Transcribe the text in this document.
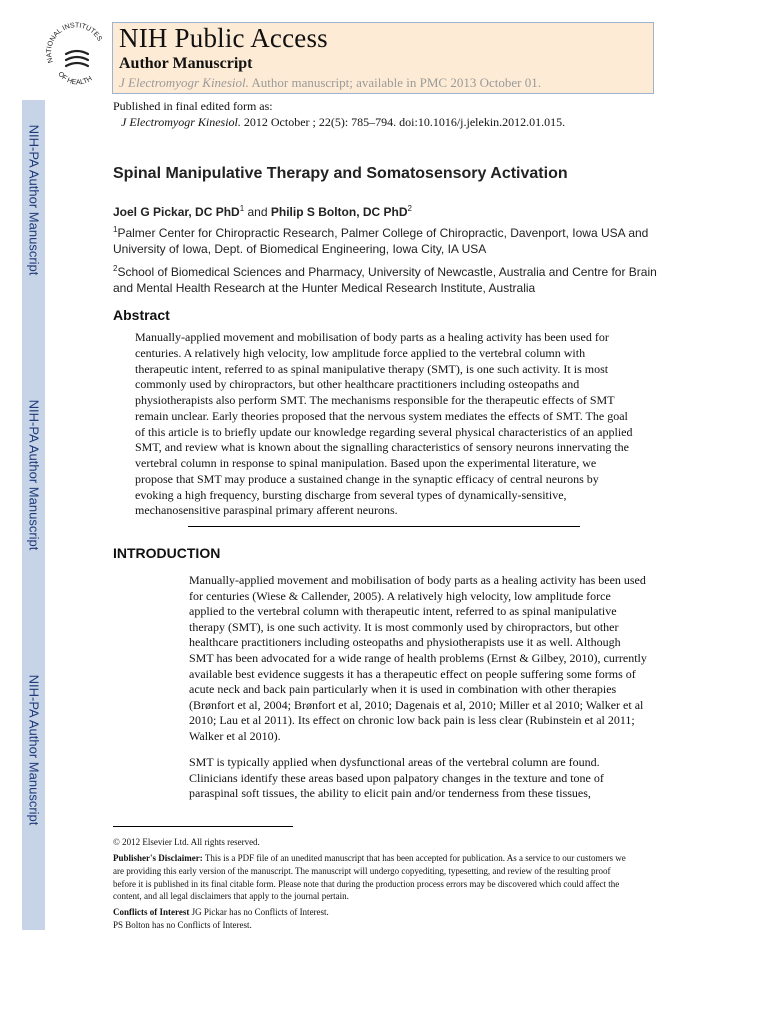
NIH-PA Author Manuscript
NIH-PA Author Manuscript
NIH-PA Author Manuscript
NATIONAL INSTITUTES
OF HEALTH
NIH Public Access
Author Manuscript
J Electromyogr Kinesiol. Author manuscript; available in PMC 2013 October 01.
Published in final edited form as:
J Electromyogr Kinesiol. 2012 October ; 22(5): 785–794. doi:10.1016/j.jelekin.2012.01.015.
Spinal Manipulative Therapy and Somatosensory Activation
Joel G Pickar, DC PhD$^1$ and Philip S Bolton, DC PhD$^2$
$^1$Palmer Center for Chiropractic Research, Palmer College of Chiropractic, Davenport, Iowa USA and University of Iowa, Dept. of Biomedical Engineering, Iowa City, IA USA
$^2$School of Biomedical Sciences and Pharmacy, University of Newcastle, Australia and Centre for Brain and Mental Health Research at the Hunter Medical Research Institute, Australia
Abstract
Manually-applied movement and mobilisation of body parts as a healing activity has been used for centuries. A relatively high velocity, low amplitude force applied to the vertebral column with therapeutic intent, referred to as spinal manipulative therapy (SMT), is one such activity. It is most commonly used by chiropractors, but other healthcare practitioners including osteopaths and physiotherapists also perform SMT. The mechanisms responsible for the therapeutic effects of SMT remain unclear. Early theories proposed that the nervous system mediates the effects of SMT. The goal of this article is to briefly update our knowledge regarding several physical characteristics of an applied SMT, and review what is known about the signalling characteristics of sensory neurons innervating the vertebral column in response to spinal manipulation. Based upon the experimental literature, we propose that SMT may produce a sustained change in the synaptic efficacy of central neurons by evoking a high frequency, bursting discharge from several types of dynamically-sensitive, mechanosensitive paraspinal primary afferent neurons.
INTRODUCTION
Manually-applied movement and mobilisation of body parts as a healing activity has been used for centuries (Wiese & Callender, 2005). A relatively high velocity, low amplitude force applied to the vertebral column with therapeutic intent, referred to as spinal manipulative therapy (SMT), is one such activity. It is most commonly used by chiropractors, but other healthcare practitioners including osteopaths and physiotherapists use it as well. Although SMT has been advocated for a wide range of health problems (Ernst & Gilbey, 2010), currently available best evidence suggests it has a therapeutic effect on people suffering some forms of acute neck and back pain particularly when it is used in combination with other therapies (Brønfort et al, 2004; Brønfort et al, 2010; Dagenais et al, 2010; Miller et al 2010; Walker et al 2010; Lau et al 2011). Its effect on chronic low back pain is less clear (Rubinstein et al 2011; Walker et al 2010).
SMT is typically applied when dysfunctional areas of the vertebral column are found. Clinicians identify these areas based upon palpatory changes in the texture and tone of paraspinal soft tissues, the ability to elicit pain and/or tenderness from these tissues,
© 2012 Elsevier Ltd. All rights reserved.
Publisher's Disclaimer: This is a PDF file of an unedited manuscript that has been accepted for publication. As a service to our customers we are providing this early version of the manuscript. The manuscript will undergo copyediting, typesetting, and review of the resulting proof before it is published in its final citable form. Please note that during the production process errors may be discovered which could affect the content, and all legal disclaimers that apply to the journal pertain.
Conflicts of Interest JG Pickar has no Conflicts of Interest.
PS Bolton has no Conflicts of Interest.
